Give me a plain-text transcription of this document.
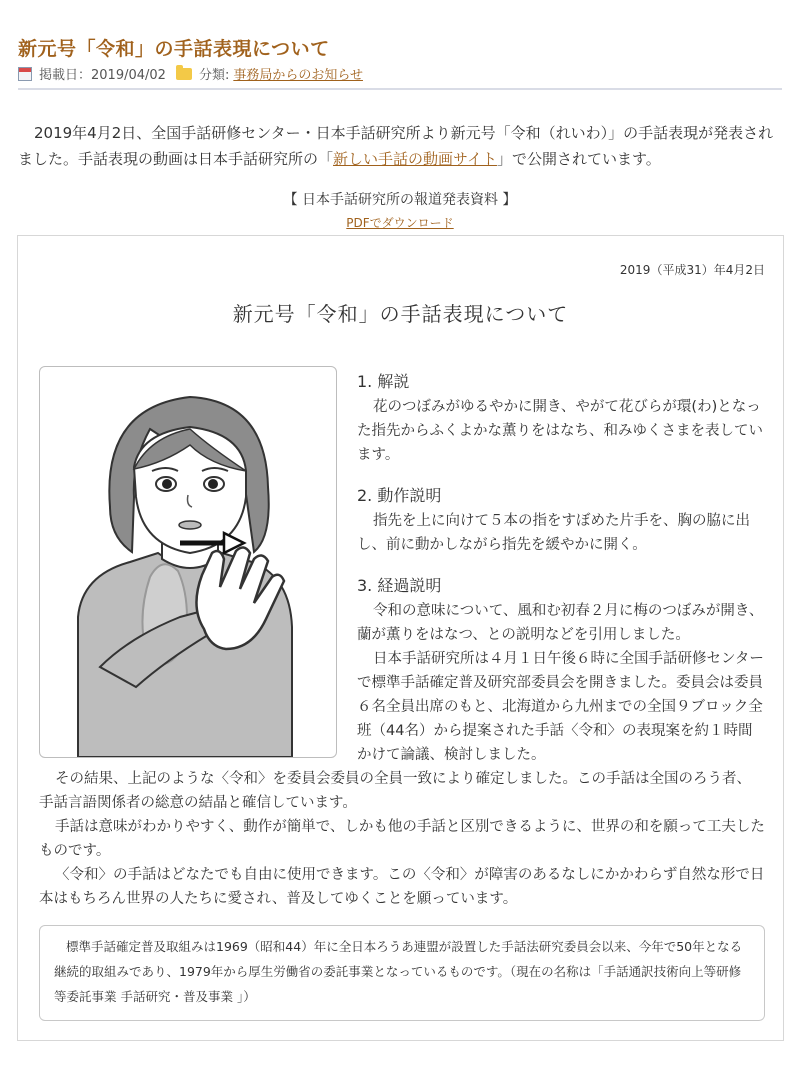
新元号「令和」の手話表現について
掲載日：2019/04/02	分類: 事務局からのお知らせ

2019年4月2日、全国手話研修センター・日本手話研究所より新元号「令和（れいわ）」の手話表現が発表されました。手話表現の動画は日本手話研究所の「新しい手話の動画サイト」で公開されています。

【 日本手話研究所の報道発表資料 】
PDFでダウンロード
2019（平成31）年4月2日
新元号「令和」の手話表現について
1. 解説

花のつぼみがゆるやかに開き、やがて花びらが環(わ)となった指先からふくよかな薫りをはなち、和みゆくさまを表しています。

2. 動作説明

指先を上に向けて５本の指をすぼめた片手を、胸の脇に出し、前に動かしながら指先を緩やかに開く。

3. 経過説明

令和の意味について、風和む初春２月に梅のつぼみが開き、蘭が薫りをはなつ、との説明などを引用しました。

日本手話研究所は４月１日午後６時に全国手話研修センターで標準手話確定普及研究部委員会を開きました。委員会は委員６名全員出席のもと、北海道から九州までの全国９ブロック全班（44名）から提案された手話〈令和〉の表現案を約１時間かけて論議、検討しました。

その結果、上記のような〈令和〉を委員会委員の全員一致により確定しました。この手話は全国のろう者、手話言語関係者の総意の結晶と確信しています。

手話は意味がわかりやすく、動作が簡単で、しかも他の手話と区別できるように、世界の和を願って工夫したものです。

〈令和〉の手話はどなたでも自由に使用できます。この〈令和〉が障害のあるなしにかかわらず自然な形で日本はもちろん世界の人たちに愛され、普及してゆくことを願っています。

標準手話確定普及取組みは1969（昭和44）年に全日本ろうあ連盟が設置した手話法研究委員会以来、今年で50年となる継続的取組みであり、1979年から厚生労働省の委託事業となっているものです。（現在の名称は「手話通訳技術向上等研修等委託事業 手話研究・普及事業 」）
